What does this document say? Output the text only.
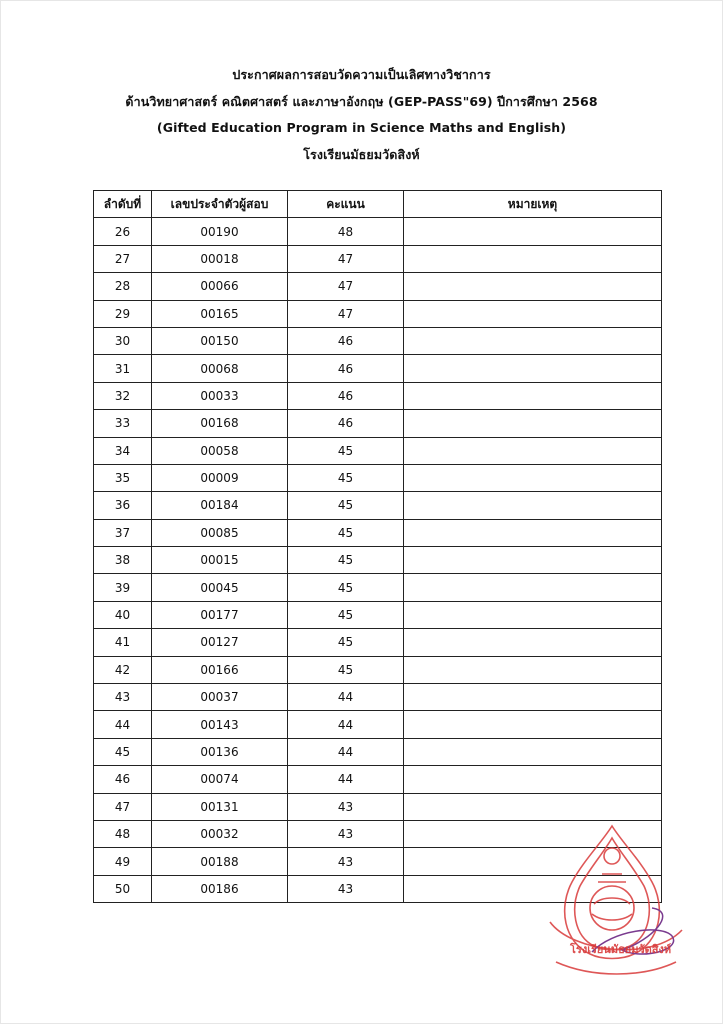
ประกาศผลการสอบวัดความเป็นเลิศทางวิชาการ
ด้านวิทยาศาสตร์ คณิตศาสตร์ และภาษาอังกฤษ (GEP-PASS"69) ปีการศึกษา 2568
(Gifted Education Program in Science Maths and English)
โรงเรียนมัธยมวัดสิงห์
ลำดับที่	เลขประจำตัวผู้สอบ	คะแนน	หมายเหตุ
26	00190	48	
27	00018	47	
28	00066	47	
29	00165	47	
30	00150	46	
31	00068	46	
32	00033	46	
33	00168	46	
34	00058	45	
35	00009	45	
36	00184	45	
37	00085	45	
38	00015	45	
39	00045	45	
40	00177	45	
41	00127	45	
42	00166	45	
43	00037	44	
44	00143	44	
45	00136	44	
46	00074	44	
47	00131	43	
48	00032	43	
49	00188	43	
50	00186	43	
โรงเรียนมัธยมวัดสิงห์
